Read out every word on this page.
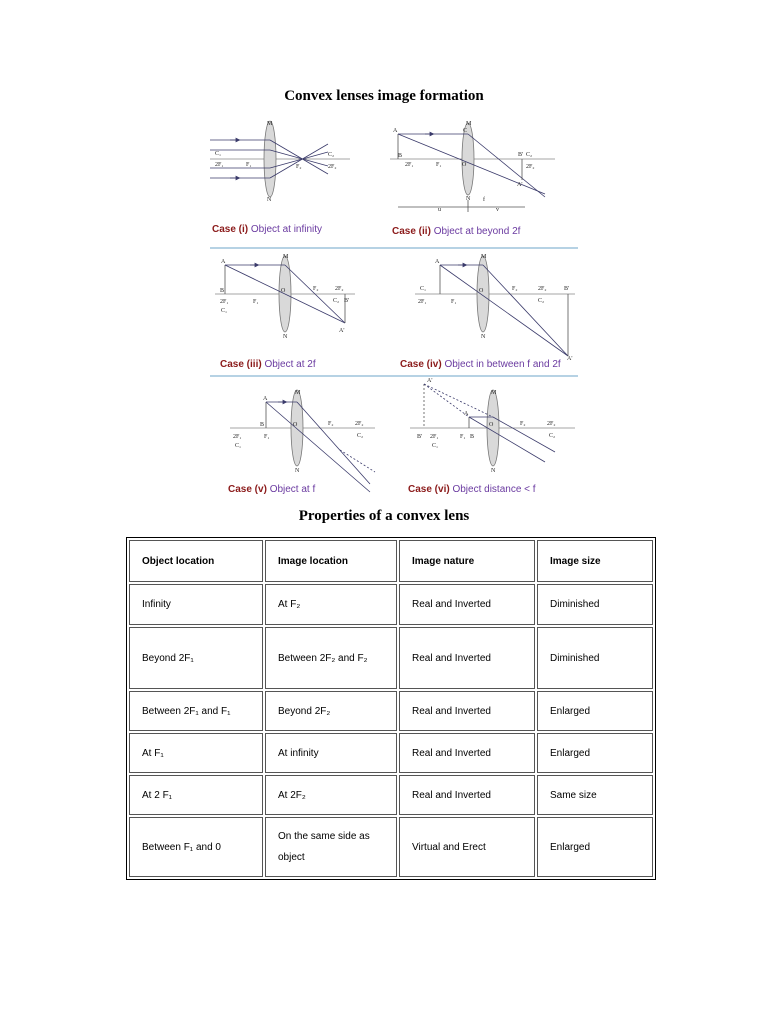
Convex lenses image formation
M
N
C₁
2F₁	F₁	F₂
C₂
2F₂
Case (i) Object at infinity
A
B
M
N
C
2F₁	F₁	O
B' C₂
2F₂
A'
u
f
v
Case (ii) Object at beyond 2f
A
B
M
N
2F₁
C₁
F₁
O	F₂	2F₂
C₂ B'
A'
Case (iii) Object at 2f
A
M
N
C₁
2F₁	F₁
O	F₂	2F₂
C₂
B'
A'
Case (iv) Object in between f and 2f
A
M
N
2F₁
C₁
F₁
B	O	F₂	2F₂
C₂
Case (v) Object at f
A'
A
M
N
B' 2F₁
C₁
F₁ B
O	F₂	2F₂
C₂
Case (vi) Object distance < f
Properties of a convex lens
Object location	Image location	Image nature	Image size
Infinity	At F₂	Real and Inverted	Diminished
Beyond 2F₁	Between 2F₂ and F₂	Real and Inverted	Diminished
Between 2F₁ and F₁	Beyond 2F₂	Real and Inverted	Enlarged
At F₁	At infinity	Real and Inverted	Enlarged
At 2 F₁	At 2F₂	Real and Inverted	Same size
Between F₁ and 0	On the same side as object	Virtual and Erect	Enlarged
